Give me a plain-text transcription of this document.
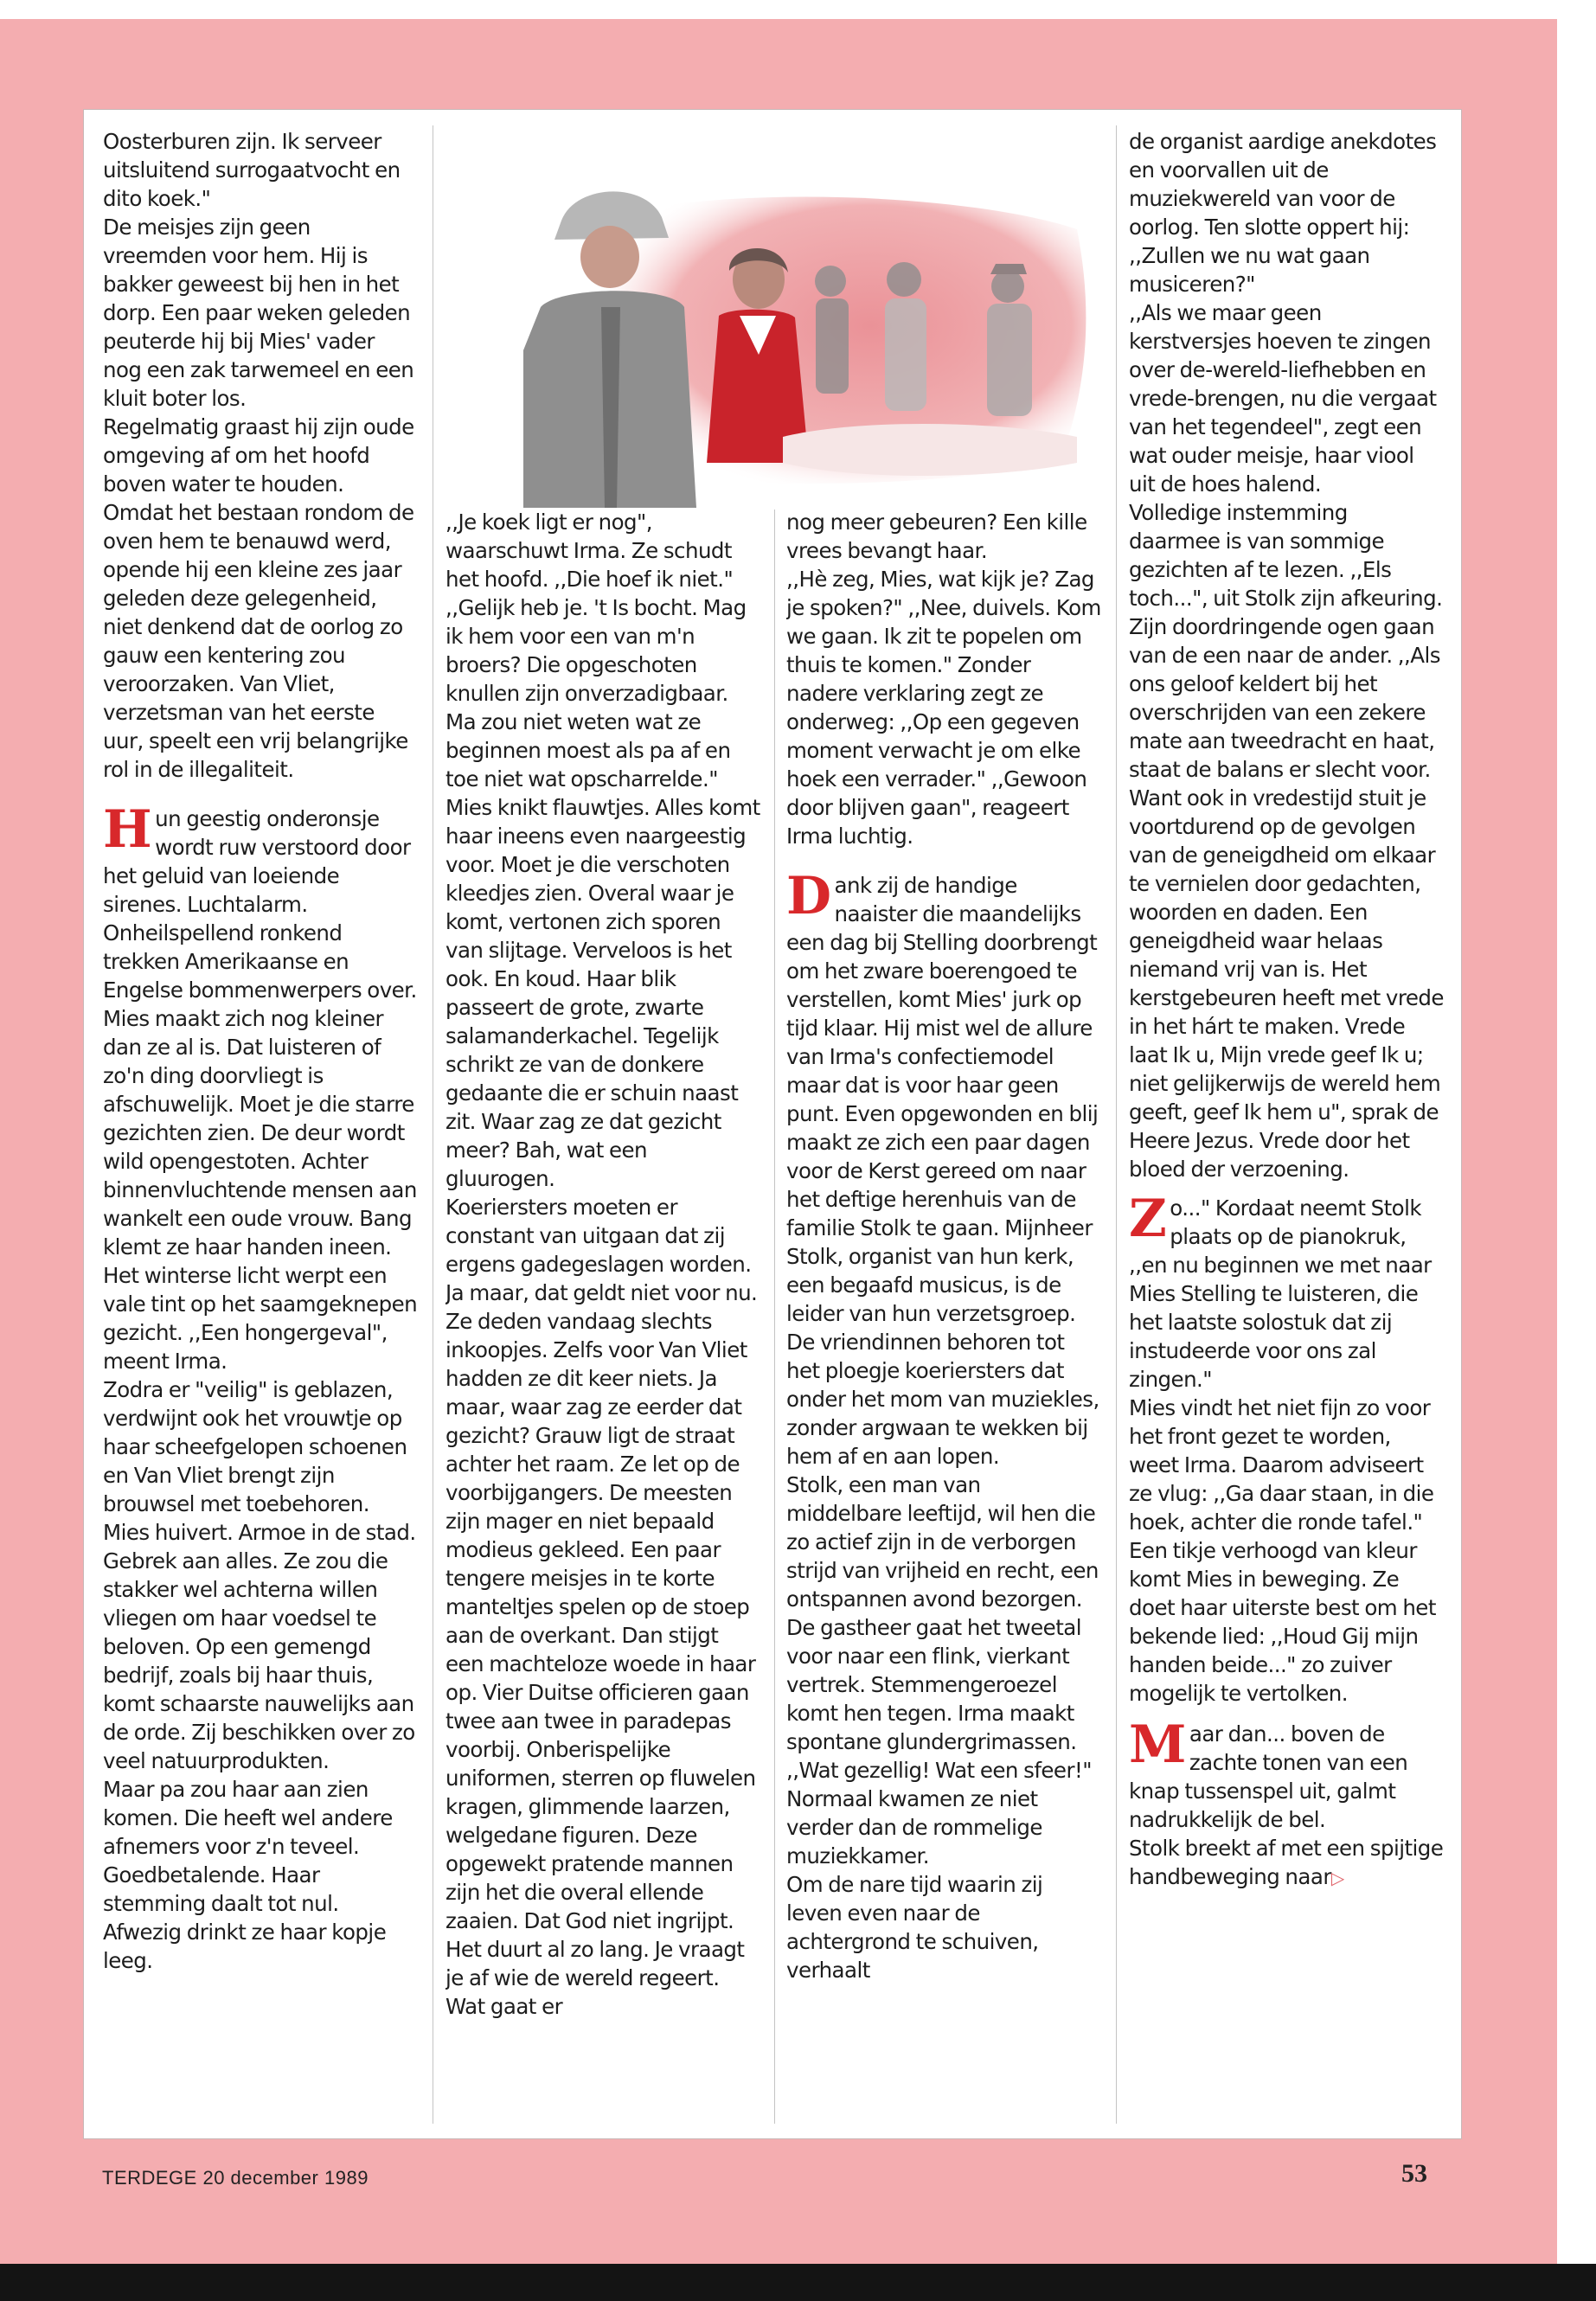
Oosterburen zijn. Ik serveer uitsluitend surrogaatvocht en dito koek."

De meisjes zijn geen vreemden voor hem. Hij is bakker geweest bij hen in het dorp. Een paar weken geleden peuterde hij bij Mies' vader nog een zak tarwemeel en een kluit boter los.

Regelmatig graast hij zijn oude omgeving af om het hoofd boven water te houden. Omdat het bestaan rondom de oven hem te benauwd werd, opende hij een kleine zes jaar geleden deze gelegenheid, niet denkend dat de oorlog zo gauw een kentering zou veroorzaken. Van Vliet, verzetsman van het eerste uur, speelt een vrij belangrijke rol in de illegaliteit.

Hun geestig onderonsje wordt ruw verstoord door het geluid van loeiende sirenes. Luchtalarm. Onheilspellend ronkend trekken Amerikaanse en Engelse bommenwerpers over.

Mies maakt zich nog kleiner dan ze al is. Dat luisteren of zo'n ding doorvliegt is afschuwelijk. Moet je die starre gezichten zien. De deur wordt wild opengestoten. Achter binnenvluchtende mensen aan wankelt een oude vrouw. Bang klemt ze haar handen ineen. Het winterse licht werpt een vale tint op het saamgeknepen gezicht. ,,Een hongergeval", meent Irma.

Zodra er "veilig" is geblazen, verdwijnt ook het vrouwtje op haar scheefgelopen schoenen en Van Vliet brengt zijn brouwsel met toebehoren.

Mies huivert. Armoe in de stad. Gebrek aan alles. Ze zou die stakker wel achterna willen vliegen om haar voedsel te beloven. Op een gemengd bedrijf, zoals bij haar thuis, komt schaarste nauwelijks aan de orde. Zij beschikken over zo veel natuurprodukten.

Maar pa zou haar aan zien komen. Die heeft wel andere afnemers voor z'n teveel. Goedbetalende. Haar stemming daalt tot nul. Afwezig drinkt ze haar kopje leeg.

,,Je koek ligt er nog", waarschuwt Irma. Ze schudt het hoofd. ,,Die hoef ik niet."

,,Gelijk heb je. 't Is bocht. Mag ik hem voor een van m'n broers? Die opgeschoten knullen zijn onverzadigbaar. Ma zou niet weten wat ze beginnen moest als pa af en toe niet wat opscharrelde."

Mies knikt flauwtjes. Alles komt haar ineens even naargeestig voor. Moet je die verschoten kleedjes zien. Overal waar je komt, vertonen zich sporen van slijtage. Verveloos is het ook. En koud. Haar blik passeert de grote, zwarte salamanderkachel. Tegelijk schrikt ze van de donkere gedaante die er schuin naast zit. Waar zag ze dat gezicht meer? Bah, wat een gluurogen.

Koeriersters moeten er constant van uitgaan dat zij ergens gadegeslagen worden. Ja maar, dat geldt niet voor nu. Ze deden vandaag slechts inkoopjes. Zelfs voor Van Vliet hadden ze dit keer niets. Ja maar, waar zag ze eerder dat gezicht? Grauw ligt de straat achter het raam. Ze let op de voorbijgangers. De meesten zijn mager en niet bepaald modieus gekleed. Een paar tengere meisjes in te korte manteltjes spelen op de stoep aan de overkant. Dan stijgt een machteloze woede in haar op. Vier Duitse officieren gaan twee aan twee in paradepas voorbij. Onberispelijke uniformen, sterren op fluwelen kragen, glimmende laarzen, welgedane figuren. Deze opgewekt pratende mannen zijn het die overal ellende zaaien. Dat God niet ingrijpt. Het duurt al zo lang. Je vraagt je af wie de wereld regeert. Wat gaat er

nog meer gebeuren? Een kille vrees bevangt haar.

,,Hè zeg, Mies, wat kijk je? Zag je spoken?" ,,Nee, duivels. Kom we gaan. Ik zit te popelen om thuis te komen." Zonder nadere verklaring zegt ze onderweg: ,,Op een gegeven moment verwacht je om elke hoek een verrader." ,,Gewoon door blijven gaan", reageert Irma luchtig.

Dank zij de handige naaister die maandelijks een dag bij Stelling doorbrengt om het zware boerengoed te verstellen, komt Mies' jurk op tijd klaar. Hij mist wel de allure van Irma's confectiemodel maar dat is voor haar geen punt. Even opgewonden en blij maakt ze zich een paar dagen voor de Kerst gereed om naar het deftige herenhuis van de familie Stolk te gaan. Mijnheer Stolk, organist van hun kerk, een begaafd musicus, is de leider van hun verzetsgroep.

De vriendinnen behoren tot het ploegje koeriersters dat onder het mom van muziekles, zonder argwaan te wekken bij hem af en aan lopen.

Stolk, een man van middelbare leeftijd, wil hen die zo actief zijn in de verborgen strijd van vrijheid en recht, een ontspannen avond bezorgen.

De gastheer gaat het tweetal voor naar een flink, vierkant vertrek. Stemmengeroezel komt hen tegen. Irma maakt spontane glundergrimassen. ,,Wat gezellig! Wat een sfeer!" Normaal kwamen ze niet verder dan de rommelige muziekkamer.

Om de nare tijd waarin zij leven even naar de achtergrond te schuiven, verhaalt

de organist aardige anekdotes en voorvallen uit de muziekwereld van voor de oorlog. Ten slotte oppert hij: ,,Zullen we nu wat gaan musiceren?"

,,Als we maar geen kerstversjes hoeven te zingen over de-wereld-liefhebben en vrede-brengen, nu die vergaat van het tegendeel", zegt een wat ouder meisje, haar viool uit de hoes halend.

Volledige instemming daarmee is van sommige gezichten af te lezen. ,,Els toch...", uit Stolk zijn afkeuring. Zijn doordringende ogen gaan van de een naar de ander. ,,Als ons geloof keldert bij het overschrijden van een zekere mate aan tweedracht en haat, staat de balans er slecht voor. Want ook in vredestijd stuit je voortdurend op de gevolgen van de geneigdheid om elkaar te vernielen door gedachten, woorden en daden. Een geneigdheid waar helaas niemand vrij van is. Het kerstgebeuren heeft met vrede in het hárt te maken. Vrede laat Ik u, Mijn vrede geef Ik u; niet gelijkerwijs de wereld hem geeft, geef Ik hem u", sprak de Heere Jezus. Vrede door het bloed der verzoening.

Zo..." Kordaat neemt Stolk plaats op de pianokruk, ,,en nu beginnen we met naar Mies Stelling te luisteren, die het laatste solostuk dat zij instudeerde voor ons zal zingen."

Mies vindt het niet fijn zo voor het front gezet te worden, weet Irma. Daarom adviseert ze vlug: ,,Ga daar staan, in die hoek, achter die ronde tafel." Een tikje verhoogd van kleur komt Mies in beweging. Ze doet haar uiterste best om het bekende lied: ,,Houd Gij mijn handen beide..." zo zuiver mogelijk te vertolken.

Maar dan... boven de zachte tonen van een knap tussenspel uit, galmt nadrukkelijk de bel.

Stolk breekt af met een spijtige handbeweging naar▷

TERDEGE 20 december 1989	53
